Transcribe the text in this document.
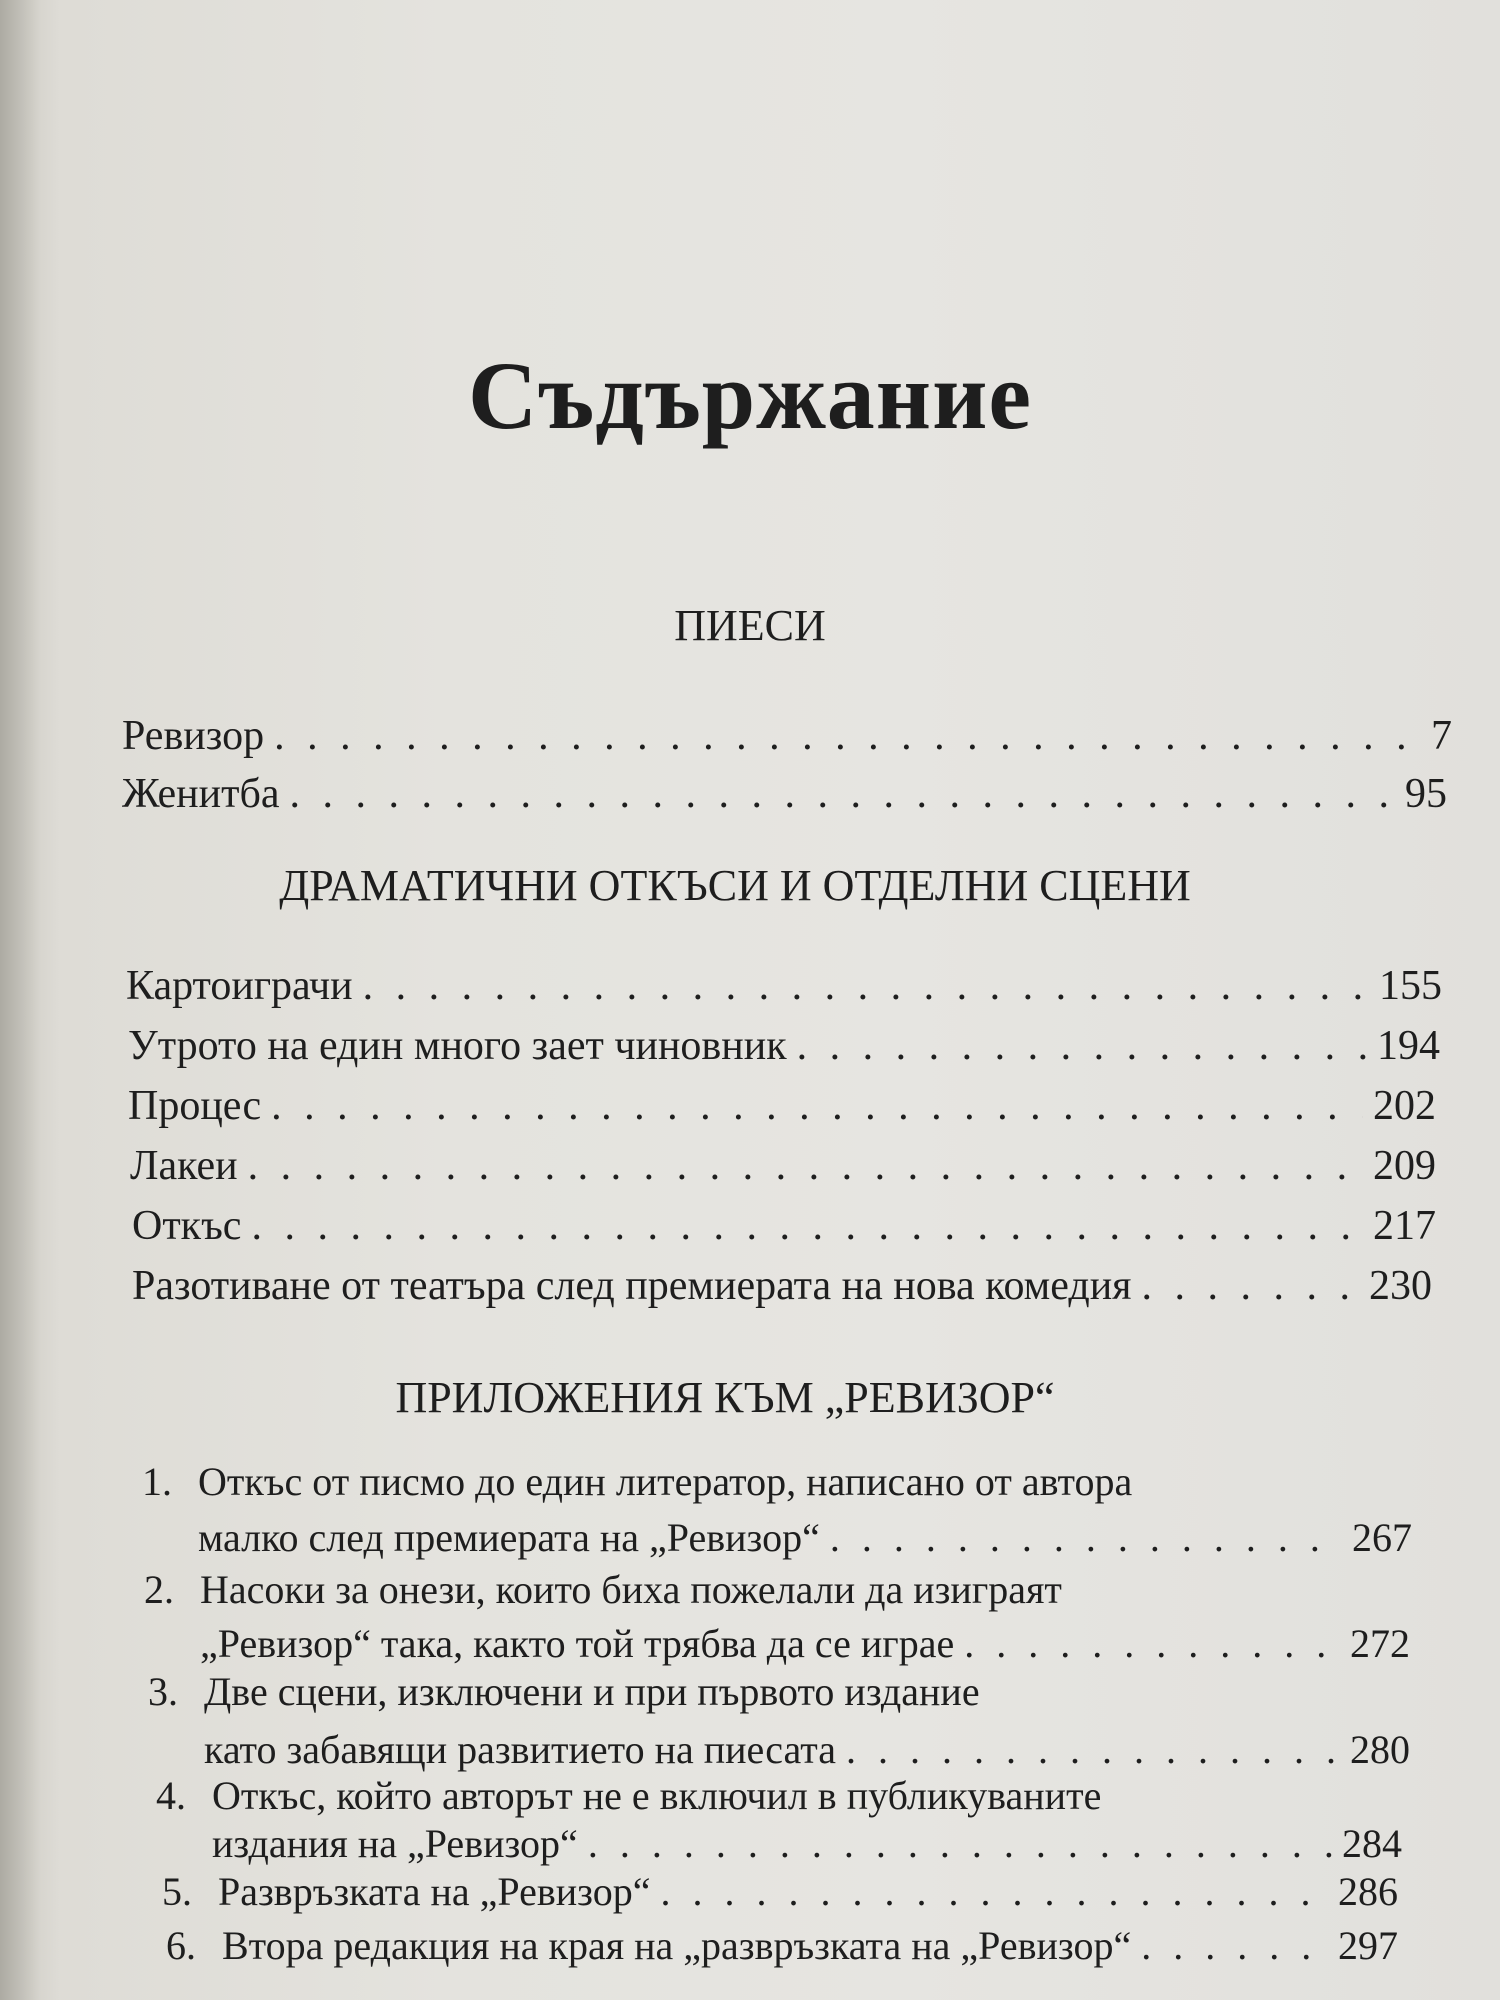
Съдържание
ПИЕСИ
Ревизор . . .	7
Женитба . . .	95
ДРАМАТИЧНИ ОТКЪСИ И ОТДЕЛНИ СЦЕНИ
Картоиграчи . . .	155
Утрото на един много зает чиновник . . .	194
Процес . . .	202
Лакеи . . .	209
Откъс . . .	217
Разотиване от театъра след премиерата на нова комедия . . .	230
ПРИЛОЖЕНИЯ КЪМ „РЕВИЗОР“
1. Откъс от писмо до един литератор, написано от автора
малко след премиерата на „Ревизор“ . . .	267
2. Насоки за онези, които биха пожелали да изиграят
„Ревизор“ така, както той трябва да се играе . . .	272
3. Две сцени, изключени и при първото издание
като забавящи развитието на пиесата . . .	280
4. Откъс, който авторът не е включил в публикуваните
издания на „Ревизор“ . . .	284
5. Развръзката на „Ревизор“ . . .	286
6. Втора редакция на края на „развръзката на „Ревизор“ . . .	297
